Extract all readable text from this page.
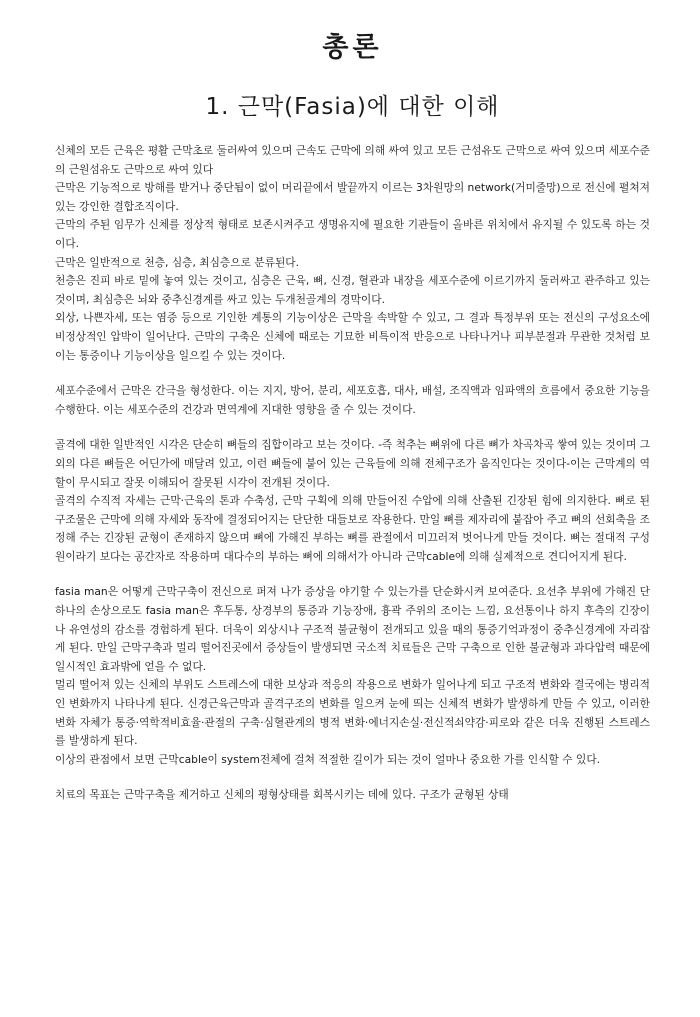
총론
1. 근막(Fasia)에 대한 이해

신체의 모든 근육은 평활 근막초로 둘러싸여 있으며 근속도 근막에 의해 싸여 있고 모든 근섬유도 근막으로 싸여 있으며 세포수준의 근원섬유도 근막으로 싸여 있다

근막은 기능적으로 방해를 받거나 중단됨이 없이 머리끝에서 발끝까지 이르는 3차원망의 network(거미줄망)으로 전신에 펼쳐져 있는 강인한 결합조직이다.

근막의 주된 임무가 신체를 정상적 형태로 보존시켜주고 생명유지에 필요한 기관들이 올바른 위치에서 유지될 수 있도록 하는 것이다.

근막은 일반적으로 천층, 심층, 최심층으로 분류된다.

천층은 진피 바로 밑에 놓여 있는 것이고, 심층은 근육, 뼈, 신경, 혈관과 내장을 세포수준에 이르기까지 둘러싸고 관주하고 있는 것이며, 최심층은 뇌와 중추신경계를 싸고 있는 두개천골계의 경막이다.

외상, 나쁜자세, 또는 염증 등으로 기인한 계통의 기능이상은 근막을 속박할 수 있고, 그 결과 특정부위 또는 전신의 구성요소에 비정상적인 압박이 일어난다. 근막의 구축은 신체에 때로는 기묘한 비특이적 반응으로 나타나거나 피부분절과 무관한 것처럼 보이는 통증이나 기능이상을 일으킬 수 있는 것이다.

세포수준에서 근막은 간극을 형성한다. 이는 지지, 방어, 분리, 세포호흡, 대사, 배설, 조직액과 임파액의 흐름에서 중요한 기능을 수행한다. 이는 세포수준의 건강과 면역계에 지대한 영향을 줄 수 있는 것이다.

골격에 대한 일반적인 시각은 단순히 뼈들의 집합이라고 보는 것이다. -즉 척추는 뼈위에 다른 뼈가 차곡차곡 쌓여 있는 것이며 그 외의 다른 뼈들은 어딘가에 매달려 있고, 이런 뼈들에 붙어 있는 근육들에 의해 전체구조가 움직인다는 것이다-이는 근막계의 역할이 무시되고 잘못 이해되어 잘못된 시각이 전개된 것이다.

골격의 수직적 자세는 근막·근육의 톤과 수축성, 근막 구획에 의해 만들어진 수압에 의해 산출된 긴장된 힘에 의지한다. 뼈로 된 구조물은 근막에 의해 자세와 동작에 결정되어지는 단단한 대들보로 작용한다. 만일 뼈를 제자리에 붙잡아 주고 뼈의 선회축을 조정해 주는 긴장된 균형이 존재하지 않으며 뼈에 가해진 부하는 뼈를 관절에서 미끄러져 벗어나게 만들 것이다. 뼈는 절대적 구성원이라기 보다는 공간자로 작용하며 대다수의 부하는 뼈에 의해서가 아니라 근막cable에 의해 실제적으로 견디어지게 된다.

fasia man은 어떻게 근막구축이 전신으로 퍼져 나가 증상을 야기할 수 있는가를 단순화시켜 보여준다. 요선추 부위에 가해진 단하나의 손상으로도 fasia man은 후두통, 상경부의 통증과 기능장애, 흉곽 주위의 조이는 느낌, 요선통이나 하지 후측의 긴장이나 유연성의 감소를 경험하게 된다. 더욱이 외상시나 구조적 불균형이 전개되고 있을 때의 통증기억과정이 중추신경계에 자리잡게 된다. 만일 근막구축과 멀리 떨어진곳에서 증상들이 발생되면 국소적 치료들은 근막 구축으로 인한 불균형과 과다압력 때문에 일시적인 효과밖에 얻을 수 없다.

멀리 떨어져 있는 신체의 부위도 스트레스에 대한 보상과 적응의 작용으로 변화가 일어나게 되고 구조적 변화와 결국에는 병리적인 변화까지 나타나게 된다. 신경근육근막과 골격구조의 변화를 일으켜 눈에 띄는 신체적 변화가 발생하게 만들 수 있고, 이러한 변화 자체가 통증·역학적비효율·관절의 구축·심혈관계의 병적 변화·에너지손실·전신적쇠약감·피로와 같은 더욱 진행된 스트레스를 발생하게 된다.

이상의 관점에서 보면 근막cable이 system전체에 걸쳐 적절한 길이가 되는 것이 얼마나 중요한 가를 인식할 수 있다.

치료의 목표는 근막구축을 제거하고 신체의 평형상태를 회복시키는 데에 있다. 구조가 균형된 상태
